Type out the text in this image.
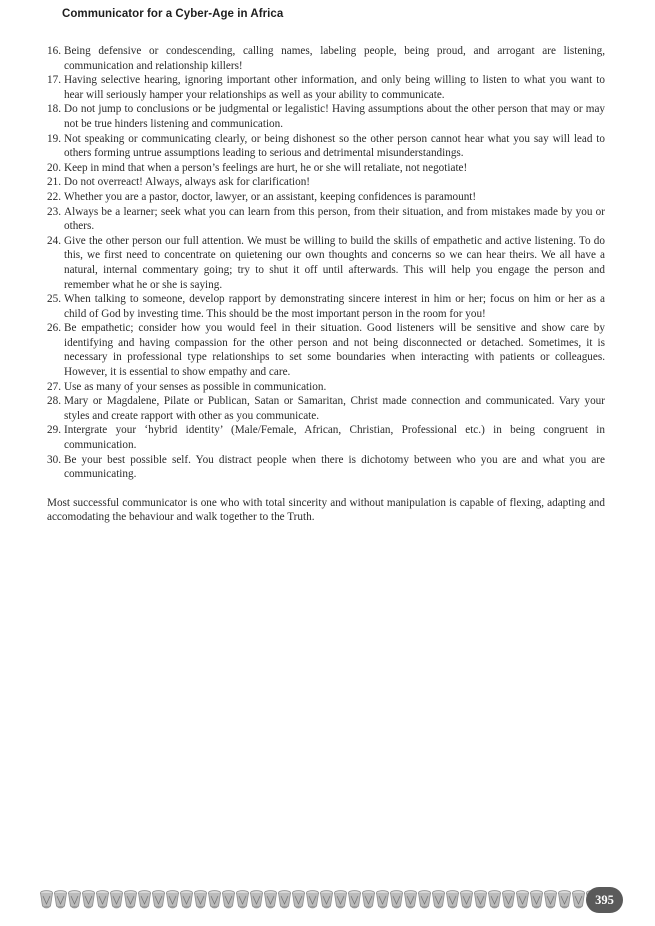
Communicator for a Cyber-Age in Africa
16. Being defensive or condescending, calling names, labeling people, being proud, and arrogant are listening, communication and relationship killers!
17. Having selective hearing, ignoring important other information, and only being willing to listen to what you want to hear will seriously hamper your relationships as well as your ability to communicate.
18. Do not jump to conclusions or be judgmental or legalistic! Having assumptions about the other person that may or may not be true hinders listening and communication.
19. Not speaking or communicating clearly, or being dishonest so the other person cannot hear what you say will lead to others forming untrue assumptions leading to serious and detrimental misunderstandings.
20. Keep in mind that when a person’s feelings are hurt, he or she will retaliate, not negotiate!
21. Do not overreact! Always, always ask for clarification!
22. Whether you are a pastor, doctor, lawyer, or an assistant, keeping confidences is paramount!
23. Always be a learner; seek what you can learn from this person, from their situation, and from mistakes made by you or others.
24. Give the other person our full attention. We must be willing to build the skills of empathetic and active listening. To do this, we first need to concentrate on quietening our own thoughts and concerns so we can hear theirs. We all have a natural, internal commentary going; try to shut it off until afterwards. This will help you engage the person and remember what he or she is saying.
25. When talking to someone, develop rapport by demonstrating sincere interest in him or her; focus on him or her as a child of God by investing time. This should be the most important person in the room for you!
26. Be empathetic; consider how you would feel in their situation. Good listeners will be sensitive and show care by identifying and having compassion for the other person and not being disconnected or detached. Sometimes, it is necessary in professional type relationships to set some boundaries when interacting with patients or colleagues. However, it is essential to show empathy and care.
27. Use as many of your senses as possible in communication.
28. Mary or Magdalene, Pilate or Publican, Satan or Samaritan, Christ made connection and communicated. Vary your styles and create rapport with other as you communicate.
29. Intergrate your ‘hybrid identity’ (Male/Female, African, Christian, Professional etc.) in being congruent in communication.
30. Be your best possible self. You distract people when there is dichotomy between who you are and what you are communicating.

Most successful communicator is one who with total sincerity and without manipulation is capable of flexing, adapting and accomodating the behaviour and walk together to the Truth.

395
